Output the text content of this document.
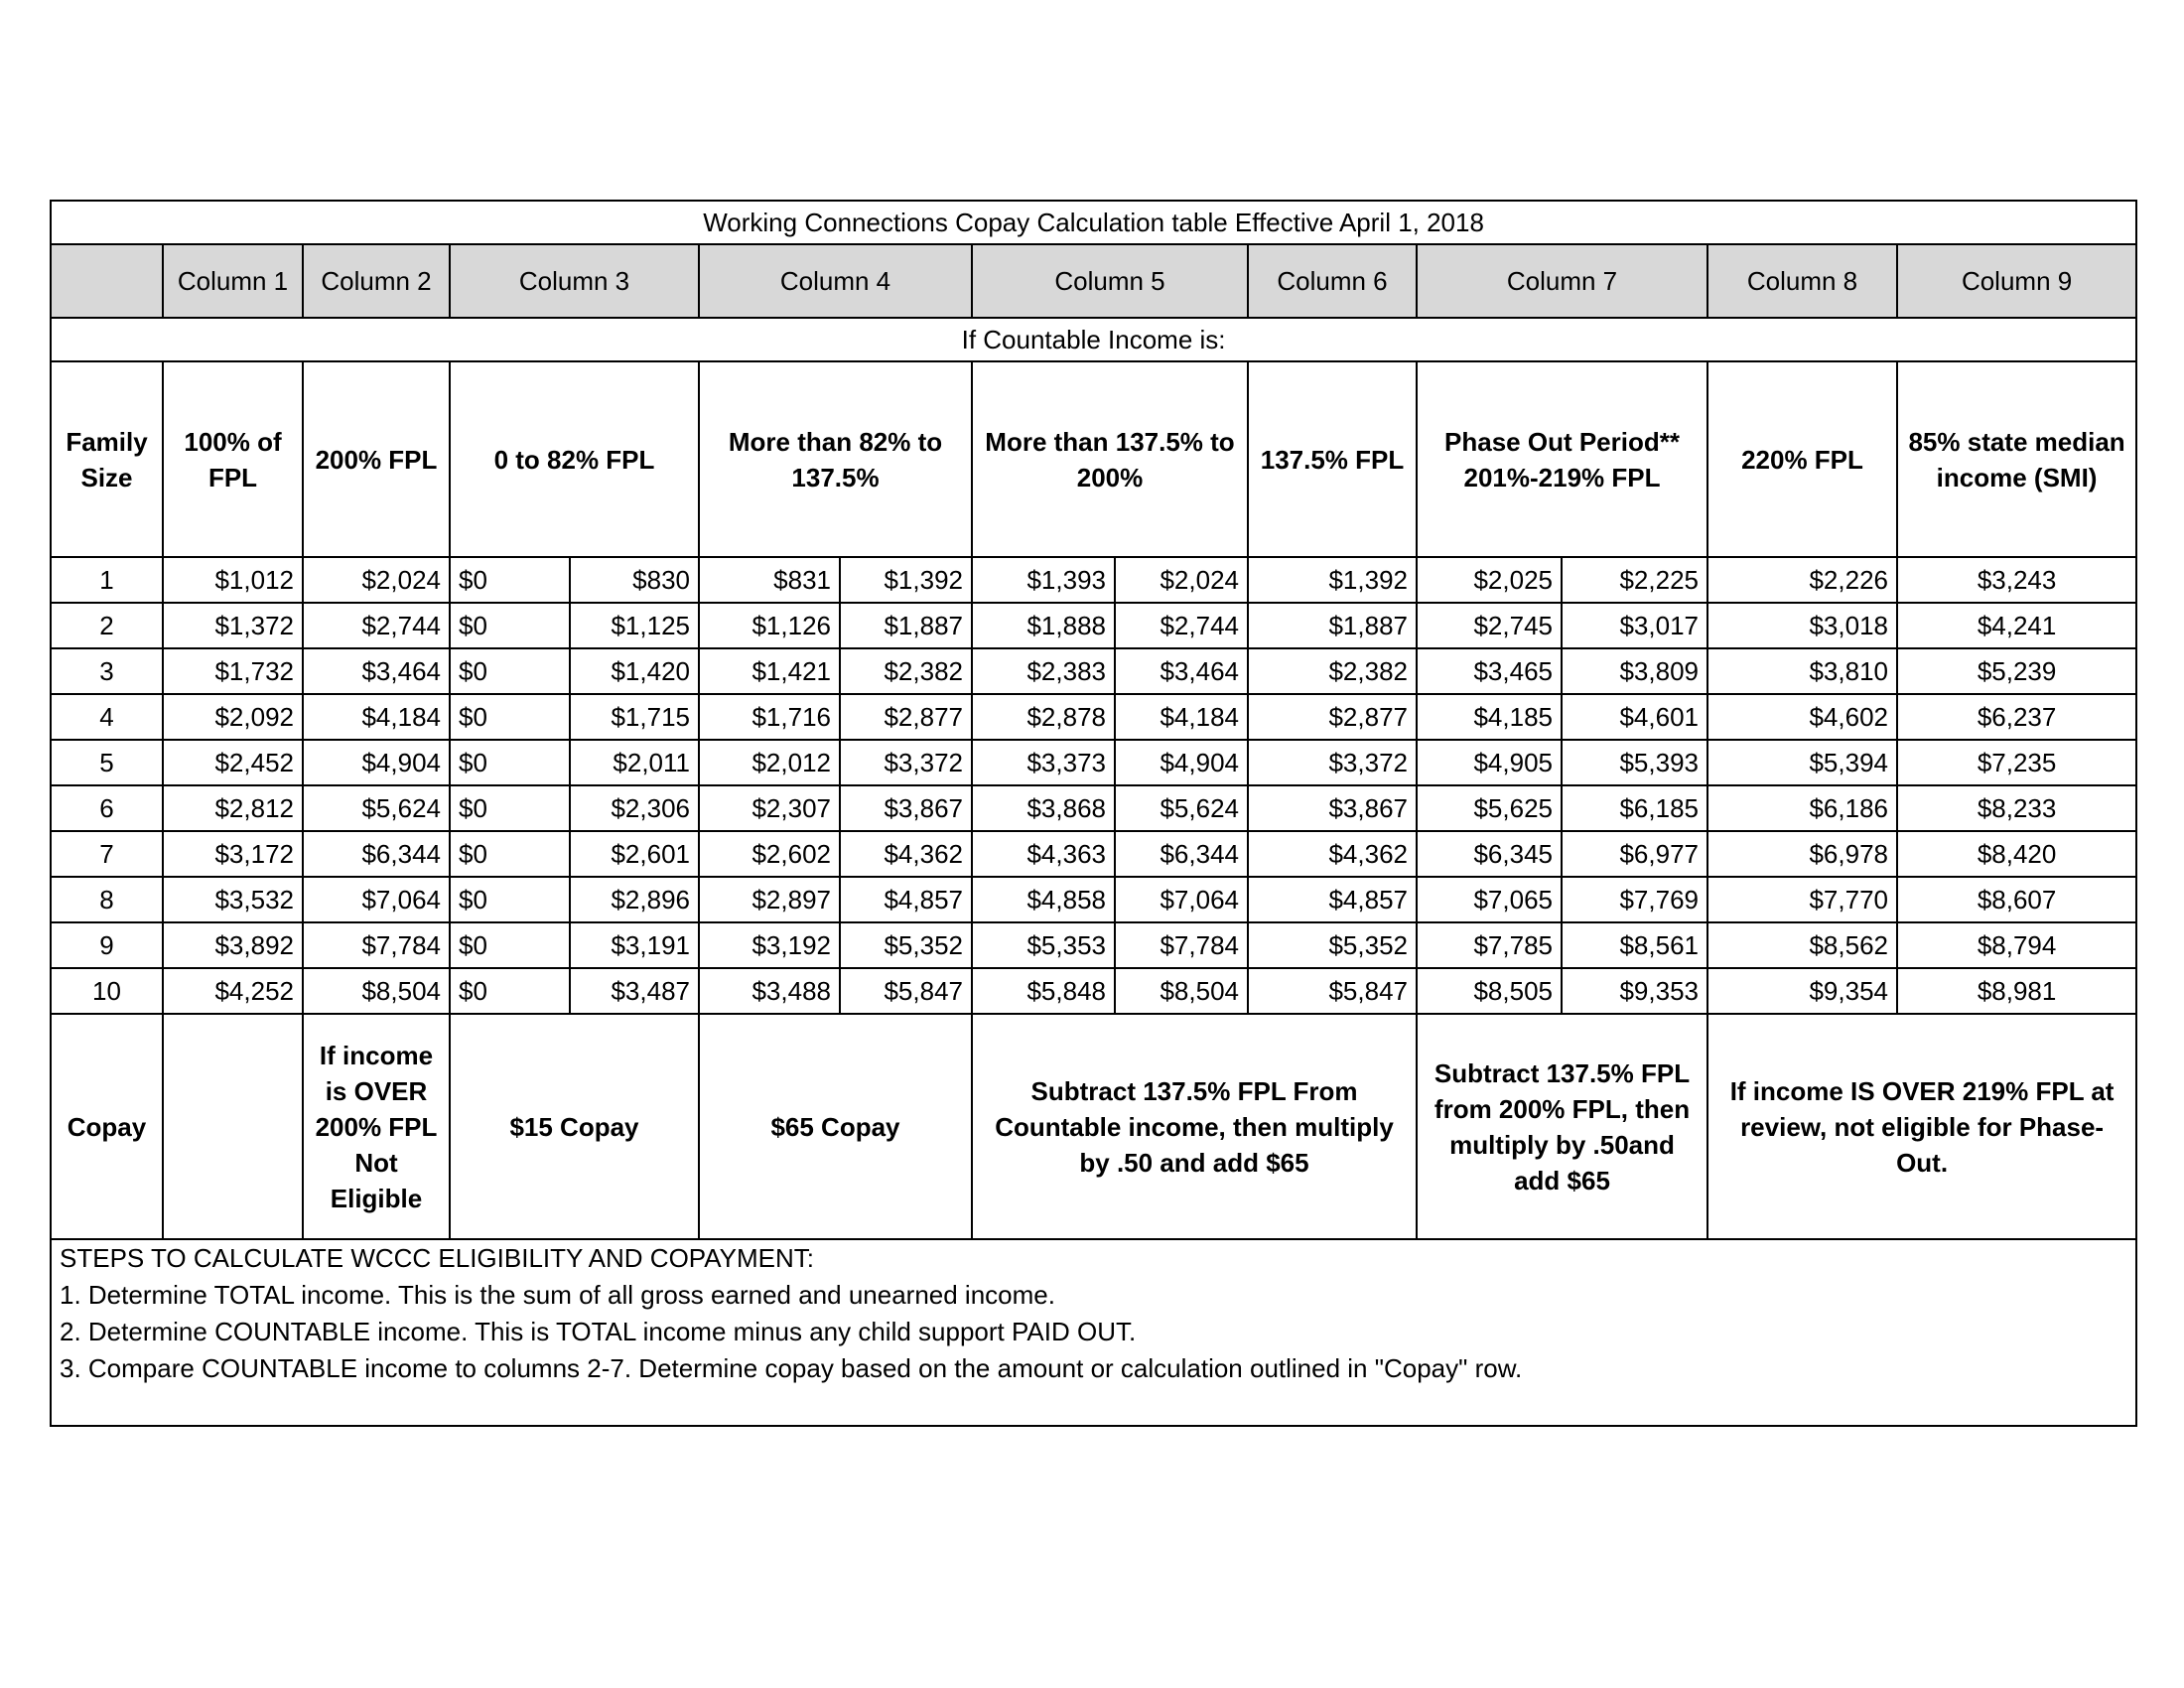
Working Connections Copay Calculation table Effective April 1, 2018													
	Column 1	Column 2	Column 3		Column 4		Column 5		Column 6	Column 7		Column 8	Column 9
If Countable Income is:													
Family Size	100% of FPL	200% FPL	0 to 82% FPL		More than 82% to 137.5%		More than 137.5% to 200%		137.5% FPL	Phase Out Period** 201%-219% FPL		220% FPL	85% state median income (SMI)
1	$1,012	$2,024	$0	$830	$831	$1,392	$1,393	$2,024	$1,392	$2,025	$2,225	$2,226	$3,243
2	$1,372	$2,744	$0	$1,125	$1,126	$1,887	$1,888	$2,744	$1,887	$2,745	$3,017	$3,018	$4,241
3	$1,732	$3,464	$0	$1,420	$1,421	$2,382	$2,383	$3,464	$2,382	$3,465	$3,809	$3,810	$5,239
4	$2,092	$4,184	$0	$1,715	$1,716	$2,877	$2,878	$4,184	$2,877	$4,185	$4,601	$4,602	$6,237
5	$2,452	$4,904	$0	$2,011	$2,012	$3,372	$3,373	$4,904	$3,372	$4,905	$5,393	$5,394	$7,235
6	$2,812	$5,624	$0	$2,306	$2,307	$3,867	$3,868	$5,624	$3,867	$5,625	$6,185	$6,186	$8,233
7	$3,172	$6,344	$0	$2,601	$2,602	$4,362	$4,363	$6,344	$4,362	$6,345	$6,977	$6,978	$8,420
8	$3,532	$7,064	$0	$2,896	$2,897	$4,857	$4,858	$7,064	$4,857	$7,065	$7,769	$7,770	$8,607
9	$3,892	$7,784	$0	$3,191	$3,192	$5,352	$5,353	$7,784	$5,352	$7,785	$8,561	$8,562	$8,794
10	$4,252	$8,504	$0	$3,487	$3,488	$5,847	$5,848	$8,504	$5,847	$8,505	$9,353	$9,354	$8,981
Copay		If income is OVER 200% FPL Not Eligible	$15 Copay		$65 Copay		Subtract 137.5% FPL From Countable income, then multiply by .50 and add $65			Subtract 137.5% FPL from 200% FPL, then multiply by .50and add $65		If income IS OVER 219% FPL at review, not eligible for Phase-Out.	

STEPS TO CALCULATE WCCC ELIGIBILITY AND COPAYMENT:
1. Determine TOTAL income. This is the sum of all gross earned and unearned income.
2. Determine COUNTABLE income. This is TOTAL income minus any child support PAID OUT.
3. Compare COUNTABLE income to columns 2-7. Determine copay based on the amount or calculation outlined in "Copay" row.													
